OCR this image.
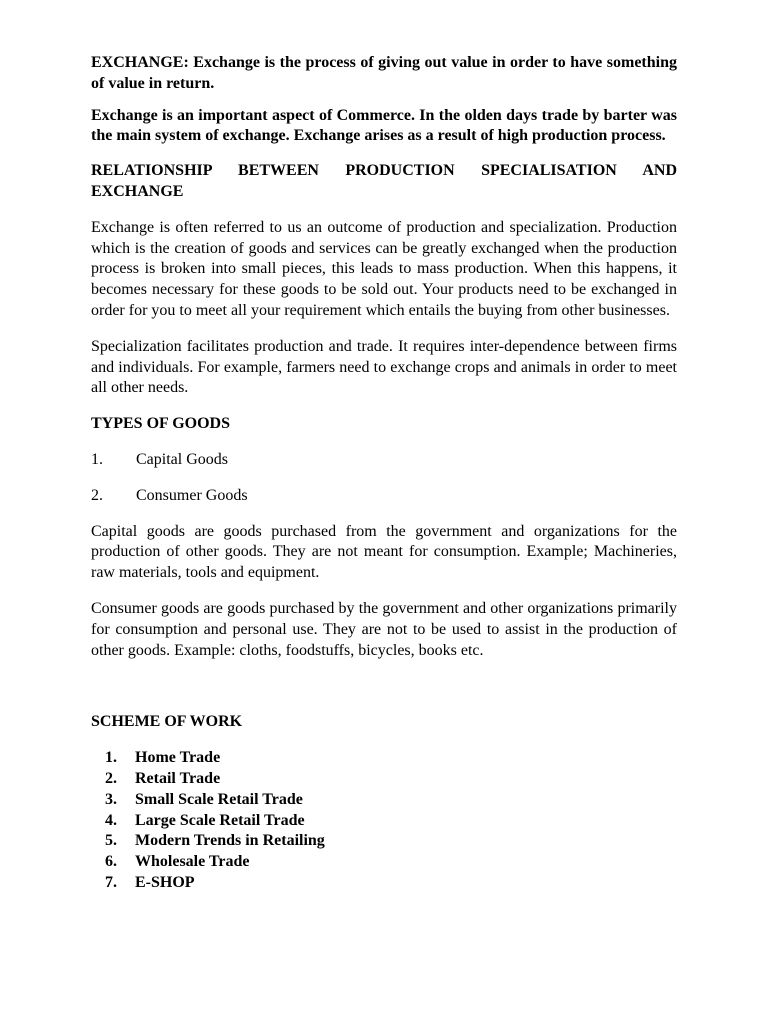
EXCHANGE: Exchange is the process of giving out value in order to have something of value in return.

Exchange is an important aspect of Commerce. In the olden days trade by barter was the main system of exchange. Exchange arises as a result of high production process.

RELATIONSHIP BETWEEN PRODUCTION SPECIALISATION AND EXCHANGE

Exchange is often referred to us an outcome of production and specialization. Production which is the creation of goods and services can be greatly exchanged when the production process is broken into small pieces, this leads to mass production. When this happens, it becomes necessary for these goods to be sold out. Your products need to be exchanged in order for you to meet all your requirement which entails the buying from other businesses.

Specialization facilitates production and trade. It requires inter-dependence between firms and individuals. For example, farmers need to exchange crops and animals in order to meet all other needs.

TYPES OF GOODS

1.	Capital Goods
2.	Consumer Goods

Capital goods are goods purchased from the government and organizations for the production of other goods. They are not meant for consumption. Example; Machineries, raw materials, tools and equipment.

Consumer goods are goods purchased by the government and other organizations primarily for consumption and personal use. They are not to be used to assist in the production of other goods. Example: cloths, foodstuffs, bicycles, books etc.

SCHEME OF WORK

1. Home Trade
2. Retail Trade
3. Small Scale Retail Trade
4. Large Scale Retail Trade
5. Modern Trends in Retailing
6. Wholesale Trade
7. E-SHOP
